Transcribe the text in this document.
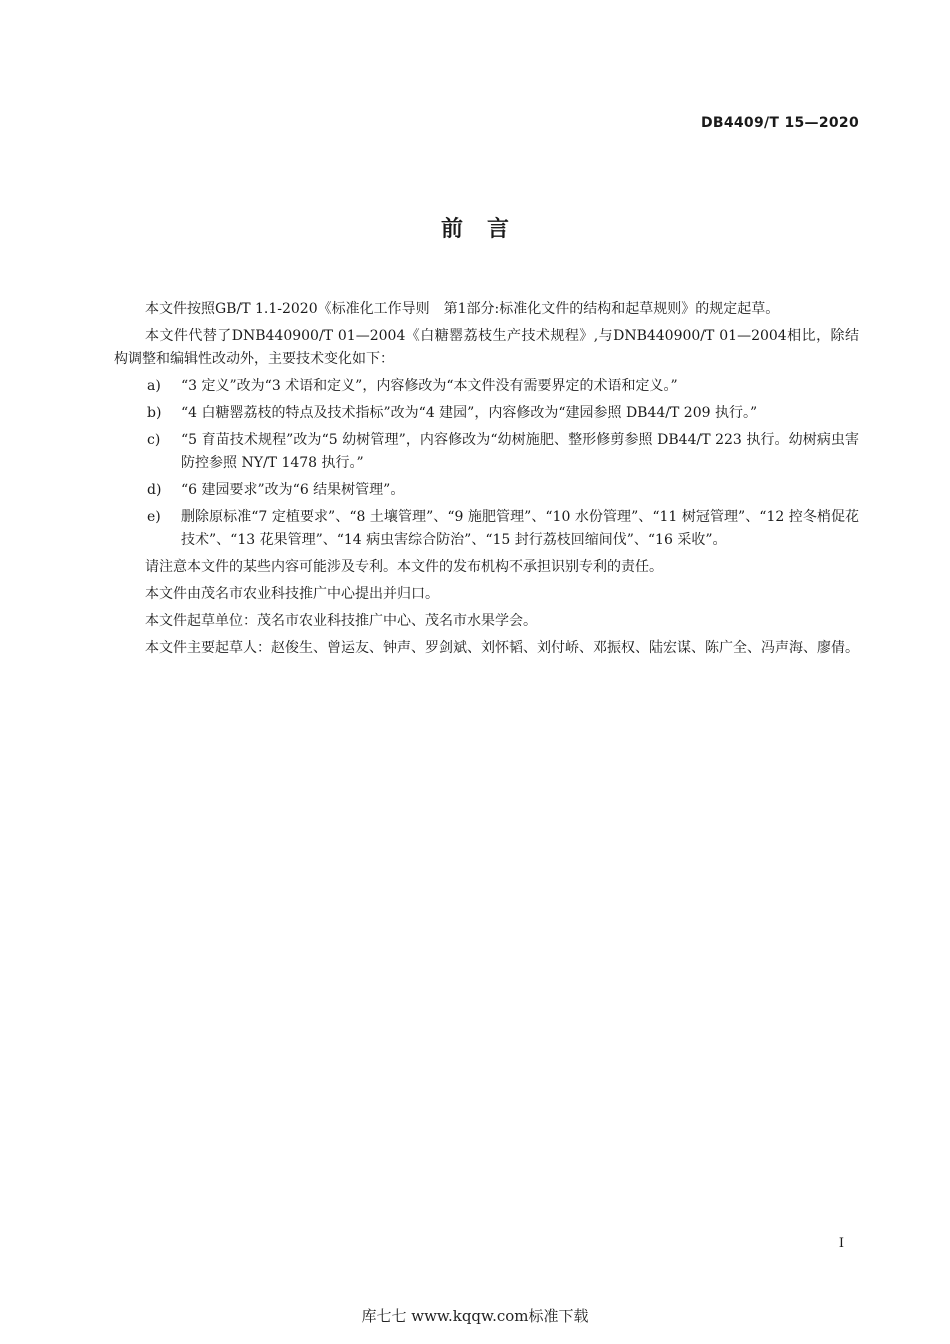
DB4409/T 15—2020
前言

本文件按照GB/T 1.1-2020《标准化工作导则　第1部分:标准化文件的结构和起草规则》的规定起草。

本文件代替了DNB440900/T 01—2004《白糖罂荔枝生产技术规程》,与DNB440900/T 01—2004相比，除结构调整和编辑性改动外，主要技术变化如下：

a)	“3 定义”改为“3 术语和定义”，内容修改为“本文件没有需要界定的术语和定义。”
b)	“4 白糖罂荔枝的特点及技术指标”改为“4 建园”，内容修改为“建园参照 DB44/T 209 执行。”
c)	“5 育苗技术规程”改为“5 幼树管理”，内容修改为“幼树施肥、整形修剪参照 DB44/T 223 执行。幼树病虫害防控参照 NY/T 1478 执行。”
d)	“6 建园要求”改为“6 结果树管理”。
e)	删除原标准“7 定植要求”、“8 土壤管理”、“9 施肥管理”、“10 水份管理”、“11 树冠管理”、“12 控冬梢促花技术”、“13 花果管理”、“14 病虫害综合防治”、“15 封行荔枝回缩间伐”、“16 采收”。

请注意本文件的某些内容可能涉及专利。本文件的发布机构不承担识别专利的责任。

本文件由茂名市农业科技推广中心提出并归口。

本文件起草单位：茂名市农业科技推广中心、茂名市水果学会。

本文件主要起草人：赵俊生、曾运友、钟声、罗剑斌、刘怀韬、刘付峤、邓振权、陆宏谋、陈广全、冯声海、廖倩。

I
库七七 www.kqqw.com标准下载
